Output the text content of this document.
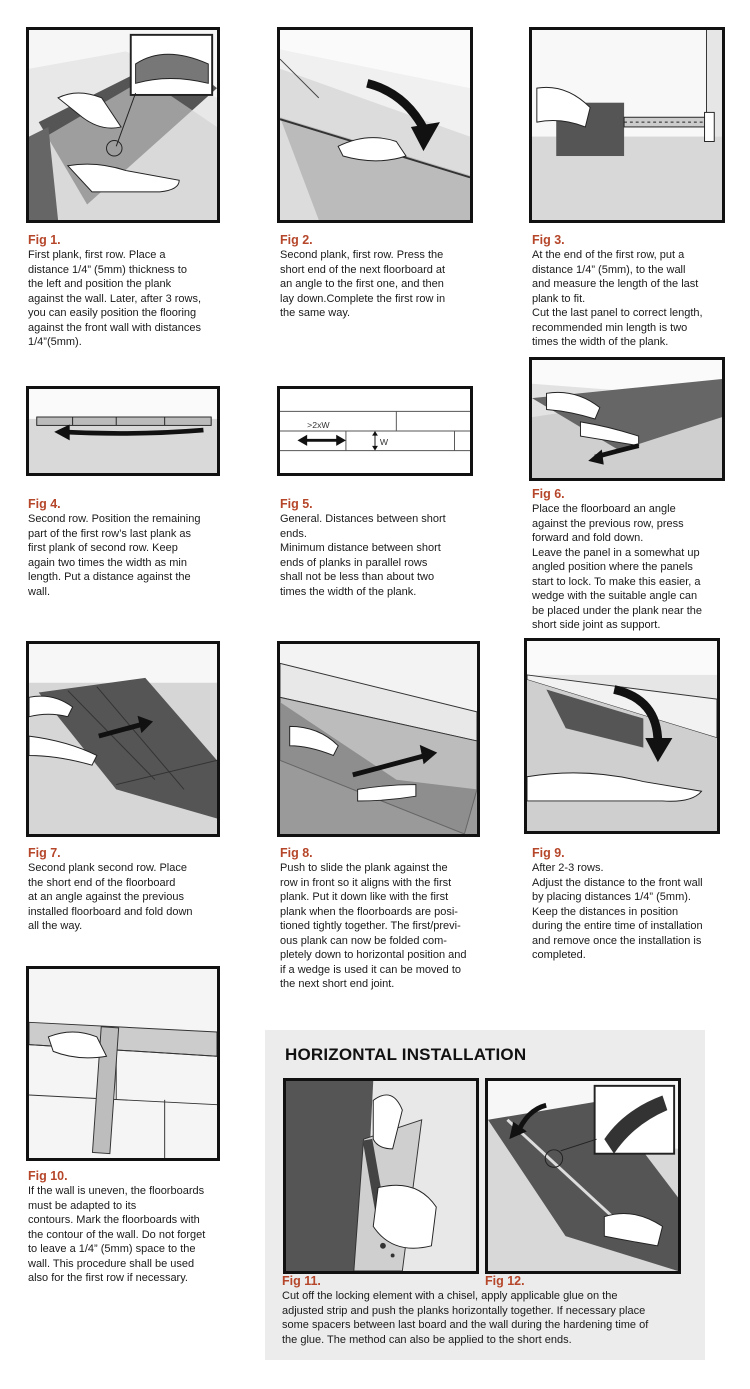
Fig 1.
First plank, first row. Place a
distance 1/4” (5mm) thickness to
the left and position the plank
against the wall. Later, after 3 rows,
you can easily position the flooring
against the front wall with distances
1/4”(5mm).
Fig 2.
Second plank, first row. Press the
short end of the next floorboard at
an angle to the first one, and then
lay down.Complete the first row in
the same way.
Fig 3.
At the end of the first row, put a
distance 1/4” (5mm), to the wall
and measure the length of the last
plank to fit.
Cut the last panel to correct length,
recommended min length is two
times the width of the plank.
Fig 4.
Second row. Position the remaining
part of the first row’s last plank as
first plank of second row. Keep
again two times the width as min
length. Put a distance against the
wall.
>2xW
W
Fig 5.
General. Distances between short
ends.
Minimum distance between short
ends of planks in parallel rows
shall not be less than about two
times the width of the plank.
Fig 6.
Place the floorboard an angle
against the previous row, press
forward and fold down.
Leave the panel in a somewhat up
angled position where the panels
start to lock. To make this easier, a
wedge with the suitable angle can
be placed under the plank near the
short side joint as support.
Fig 7.
Second plank second row. Place
the short end of the floorboard
at an angle against the previous
installed floorboard and fold down
all the way.
Fig 8.
Push to slide the plank against the
row in front so it aligns with the first
plank. Put it down like with the first
plank when the floorboards are posi-
tioned tightly together. The first/previ-
ous plank can now be folded com-
pletely down to horizontal position and
if a wedge is used it can be moved to
the next short end joint.
Fig 9.
After 2-3 rows.
Adjust the distance to the front wall
by placing distances 1/4” (5mm).
Keep the distances in position
during the entire time of installation
and remove once the installation is
completed.
Fig 10.
If the wall is uneven, the floorboards
must be adapted to its
contours. Mark the floorboards with
the contour of the wall. Do not forget
to leave a 1/4” (5mm) space to the
wall. This procedure shall be used
also for the first row if necessary.
HORIZONTAL INSTALLATION
Fig 11.	Fig 12.
Cut off the locking element with a chisel, apply applicable glue on the
adjusted strip and push the planks horizontally together. If necessary place
some spacers between last board and the wall during the hardening time of
the glue. The method can also be applied to the short ends.
